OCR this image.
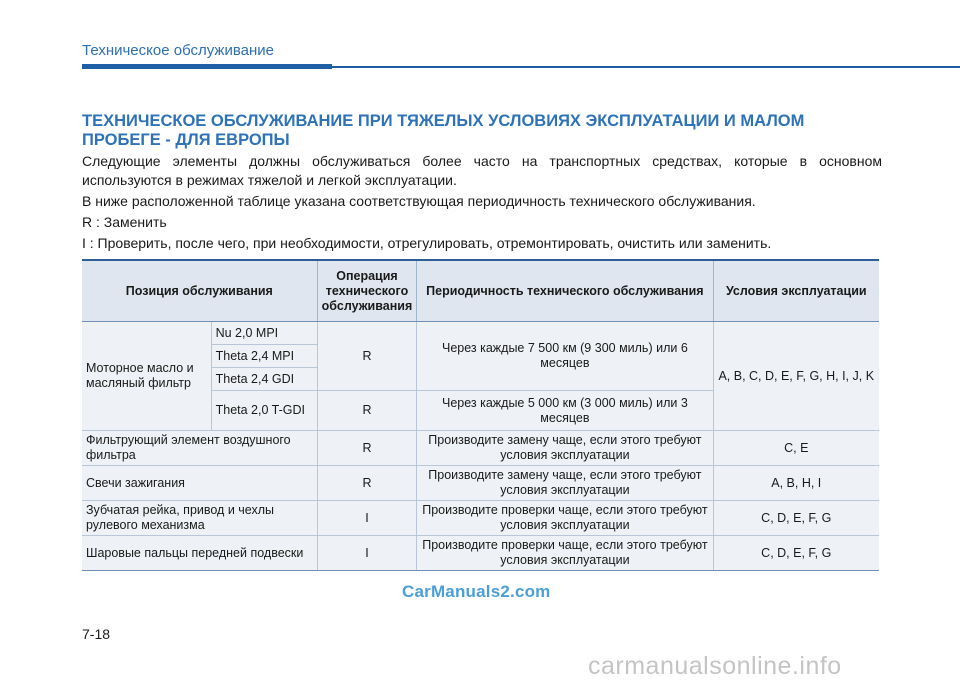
Техническое обслуживание
ТЕХНИЧЕСКОЕ ОБСЛУЖИВАНИЕ ПРИ ТЯЖЕЛЫХ УСЛОВИЯХ ЭКСПЛУАТАЦИИ И МАЛОМ ПРОБЕГЕ - ДЛЯ ЕВРОПЫ

Следующие элементы должны обслуживаться более часто на транспортных средствах, которые в основном используются в режимах тяжелой и легкой эксплуатации.

В ниже расположенной таблице указана соответствующая периодичность технического обслуживания.

R : Заменить

I : Проверить, после чего, при необходимости, отрегулировать, отремонтировать, очистить или заменить.

Позиция обслуживания		Операция технического обслуживания	Периодичность технического обслуживания	Условия эксплуатации
Моторное масло и масляный фильтр	Nu 2,0 MPI	R	Через каждые 7 500 км (9 300 миль) или 6 месяцев	A, B, C, D, E, F, G, H, I, J, K
	Theta 2,4 MPI			
	Theta 2,4 GDI			
	Theta 2,0 T-GDI	R	Через каждые 5 000 км (3 000 миль) или 3 месяцев	
Фильтрующий элемент воздушного фильтра		R	Производите замену чаще, если этого требуют условия эксплуатации	C, E
Свечи зажигания		R	Производите замену чаще, если этого требуют условия эксплуатации	A, B, H, I
Зубчатая рейка, привод и чехлы рулевого механизма		I	Производите проверки чаще, если этого требуют условия эксплуатации	C, D, E, F, G
Шаровые пальцы передней подвески		I	Производите проверки чаще, если этого требуют условия эксплуатации	C, D, E, F, G
CarManuals2.com
7-18
carmanualsonline.info
